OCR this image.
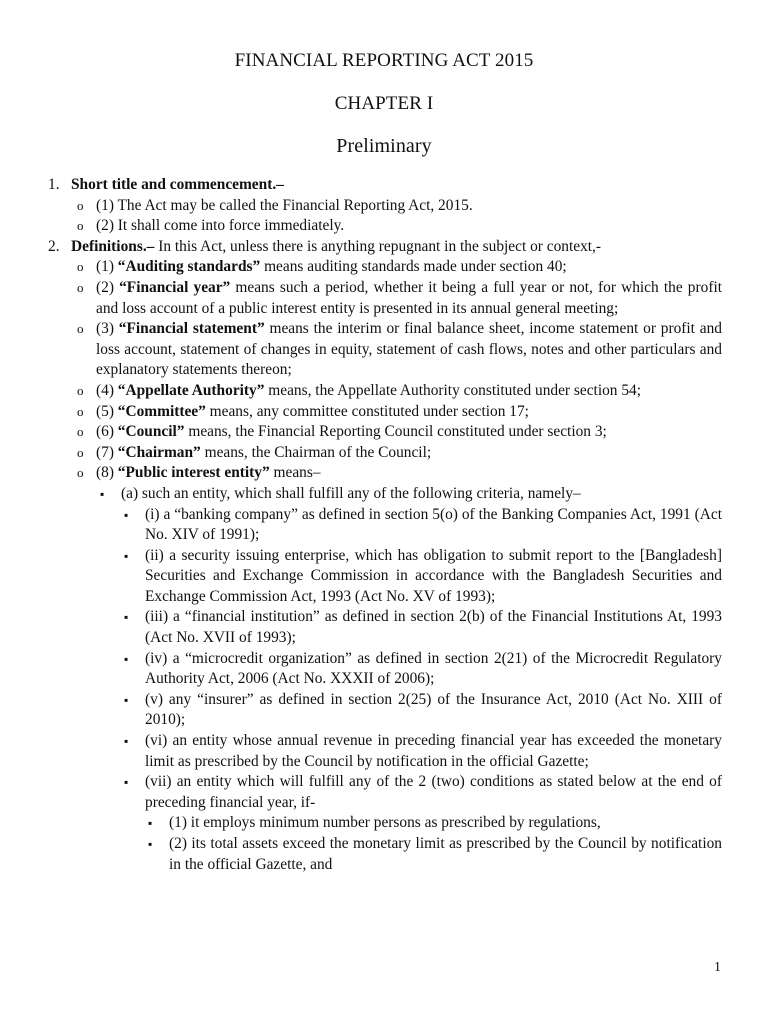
FINANCIAL REPORTING ACT 2015
CHAPTER I
Preliminary
1. Short title and commencement.–
o (1) The Act may be called the Financial Reporting Act, 2015.
o (2) It shall come into force immediately.
2. Definitions.– In this Act, unless there is anything repugnant in the subject or context,-
o (1) “Auditing standards” means auditing standards made under section 40;
o (2) “Financial year” means such a period, whether it being a full year or not, for which the profit and loss account of a public interest entity is presented in its annual general meeting;
o (3) “Financial statement” means the interim or final balance sheet, income statement or profit and loss account, statement of changes in equity, statement of cash flows, notes and other particulars and explanatory statements thereon;
o (4) “Appellate Authority” means, the Appellate Authority constituted under section 54;
o (5) “Committee” means, any committee constituted under section 17;
o (6) “Council” means, the Financial Reporting Council constituted under section 3;
o (7) “Chairman” means, the Chairman of the Council;
o (8) “Public interest entity” means–
▪ (a) such an entity, which shall fulfill any of the following criteria, namely–
▪ (i) a “banking company” as defined in section 5(o) of the Banking Companies Act, 1991 (Act No. XIV of 1991);
▪ (ii) a security issuing enterprise, which has obligation to submit report to the [Bangladesh] Securities and Exchange Commission in accordance with the Bangladesh Securities and Exchange Commission Act, 1993 (Act No. XV of 1993);
▪ (iii) a “financial institution” as defined in section 2(b) of the Financial Institutions At, 1993 (Act No. XVII of 1993);
▪ (iv) a “microcredit organization” as defined in section 2(21) of the Microcredit Regulatory Authority Act, 2006 (Act No. XXXII of 2006);
▪ (v) any “insurer” as defined in section 2(25) of the Insurance Act, 2010 (Act No. XIII of 2010);
▪ (vi) an entity whose annual revenue in preceding financial year has exceeded the monetary limit as prescribed by the Council by notification in the official Gazette;
▪ (vii) an entity which will fulfill any of the 2 (two) conditions as stated below at the end of preceding financial year, if-
▪ (1) it employs minimum number persons as prescribed by regulations,
▪ (2) its total assets exceed the monetary limit as prescribed by the Council by notification in the official Gazette, and
1
